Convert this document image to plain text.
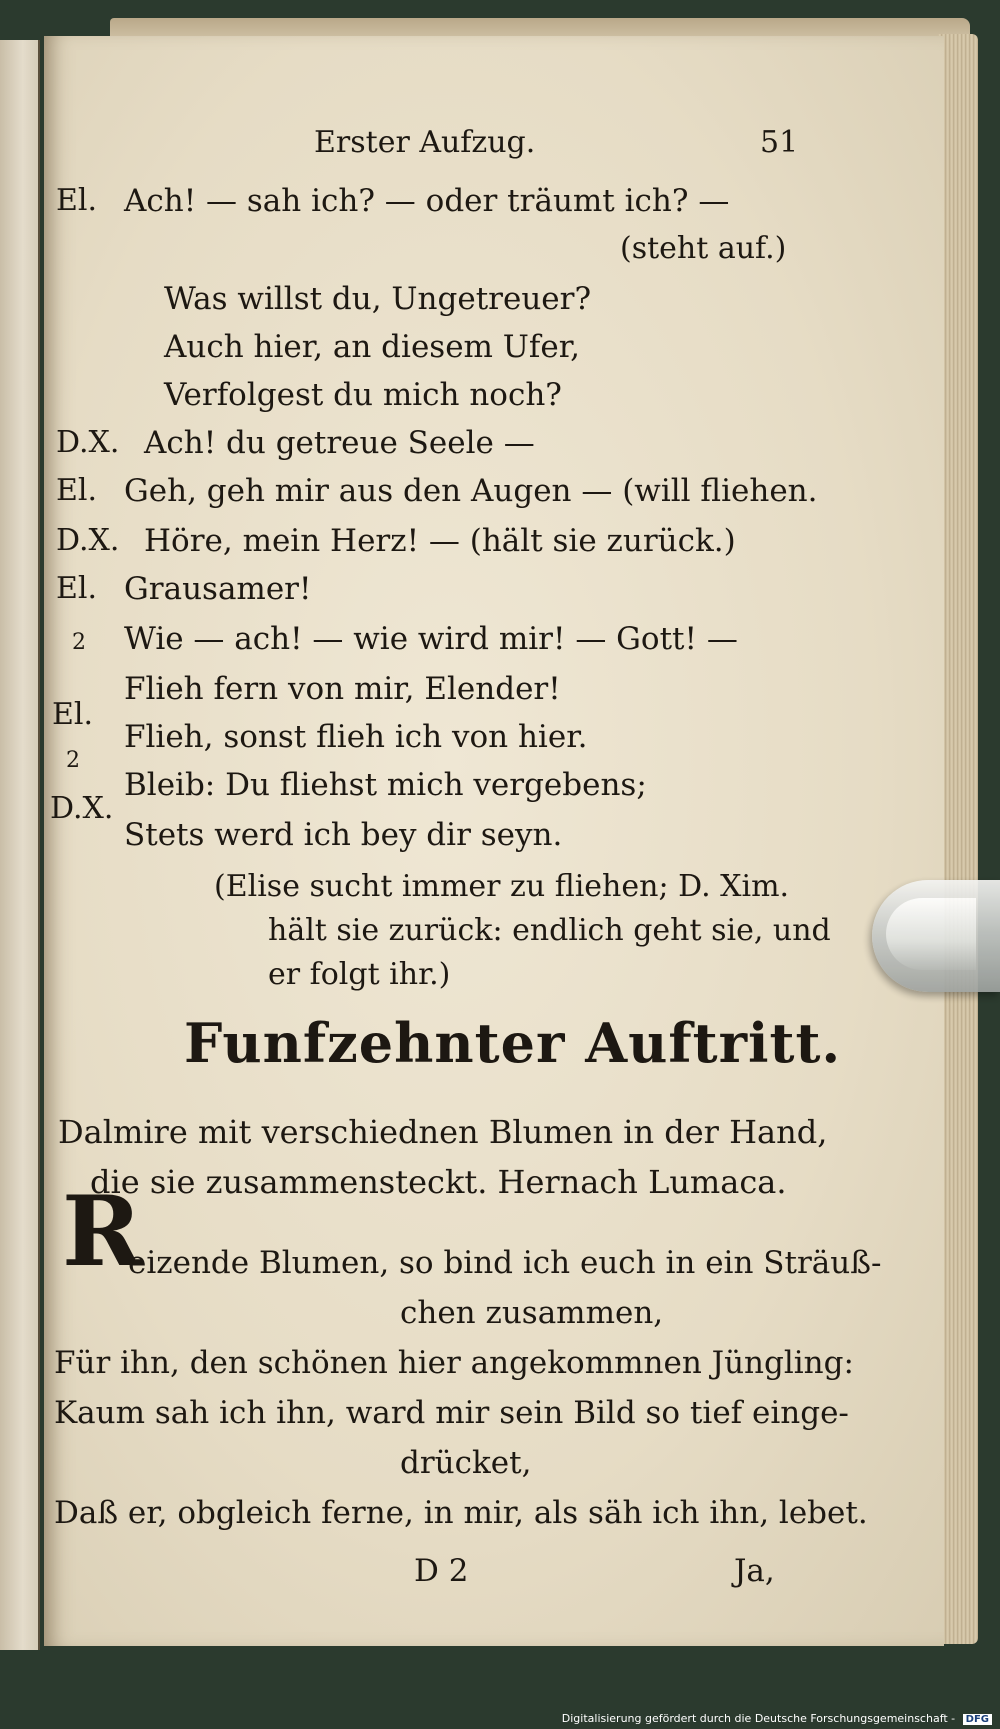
Erster Aufzug.	51
El. Ach! — sah ich? — oder träumt ich? —
(steht auf.)
Was willst du, Ungetreuer?
Auch hier, an diesem Ufer,
Verfolgest du mich noch?
D.X. Ach! du getreue Seele —
El. Geh, geh mir aus den Augen — (will fliehen.
D.X. Höre, mein Herz! — (hält sie zurück.)
El. Grausamer!
2 Wie — ach! — wie wird mir! — Gott! —
El.
2
D.X.
Flieh fern von mir, Elender!
Flieh, sonst flieh ich von hier.
Bleib: Du fliehst mich vergebens;
Stets werd ich bey dir seyn.
(Elise sucht immer zu fliehen; D. Xim.
hält sie zurück: endlich geht sie, und
er folgt ihr.)
Funfzehnter Auftritt.
Dalmire mit verschiednen Blumen in der Hand,
die sie zusammensteckt. Hernach Lumaca.
R
eizende Blumen, so bind ich euch in ein Sträuß-
chen zusammen,
Für ihn, den schönen hier angekommnen Jüngling:
Kaum sah ich ihn, ward mir sein Bild so tief einge-
drücket,
Daß er, obgleich ferne, in mir, als säh ich ihn, lebet.
D 2	Ja,
Digitalisierung gefördert durch die Deutsche Forschungsgemeinschaft - DFG
